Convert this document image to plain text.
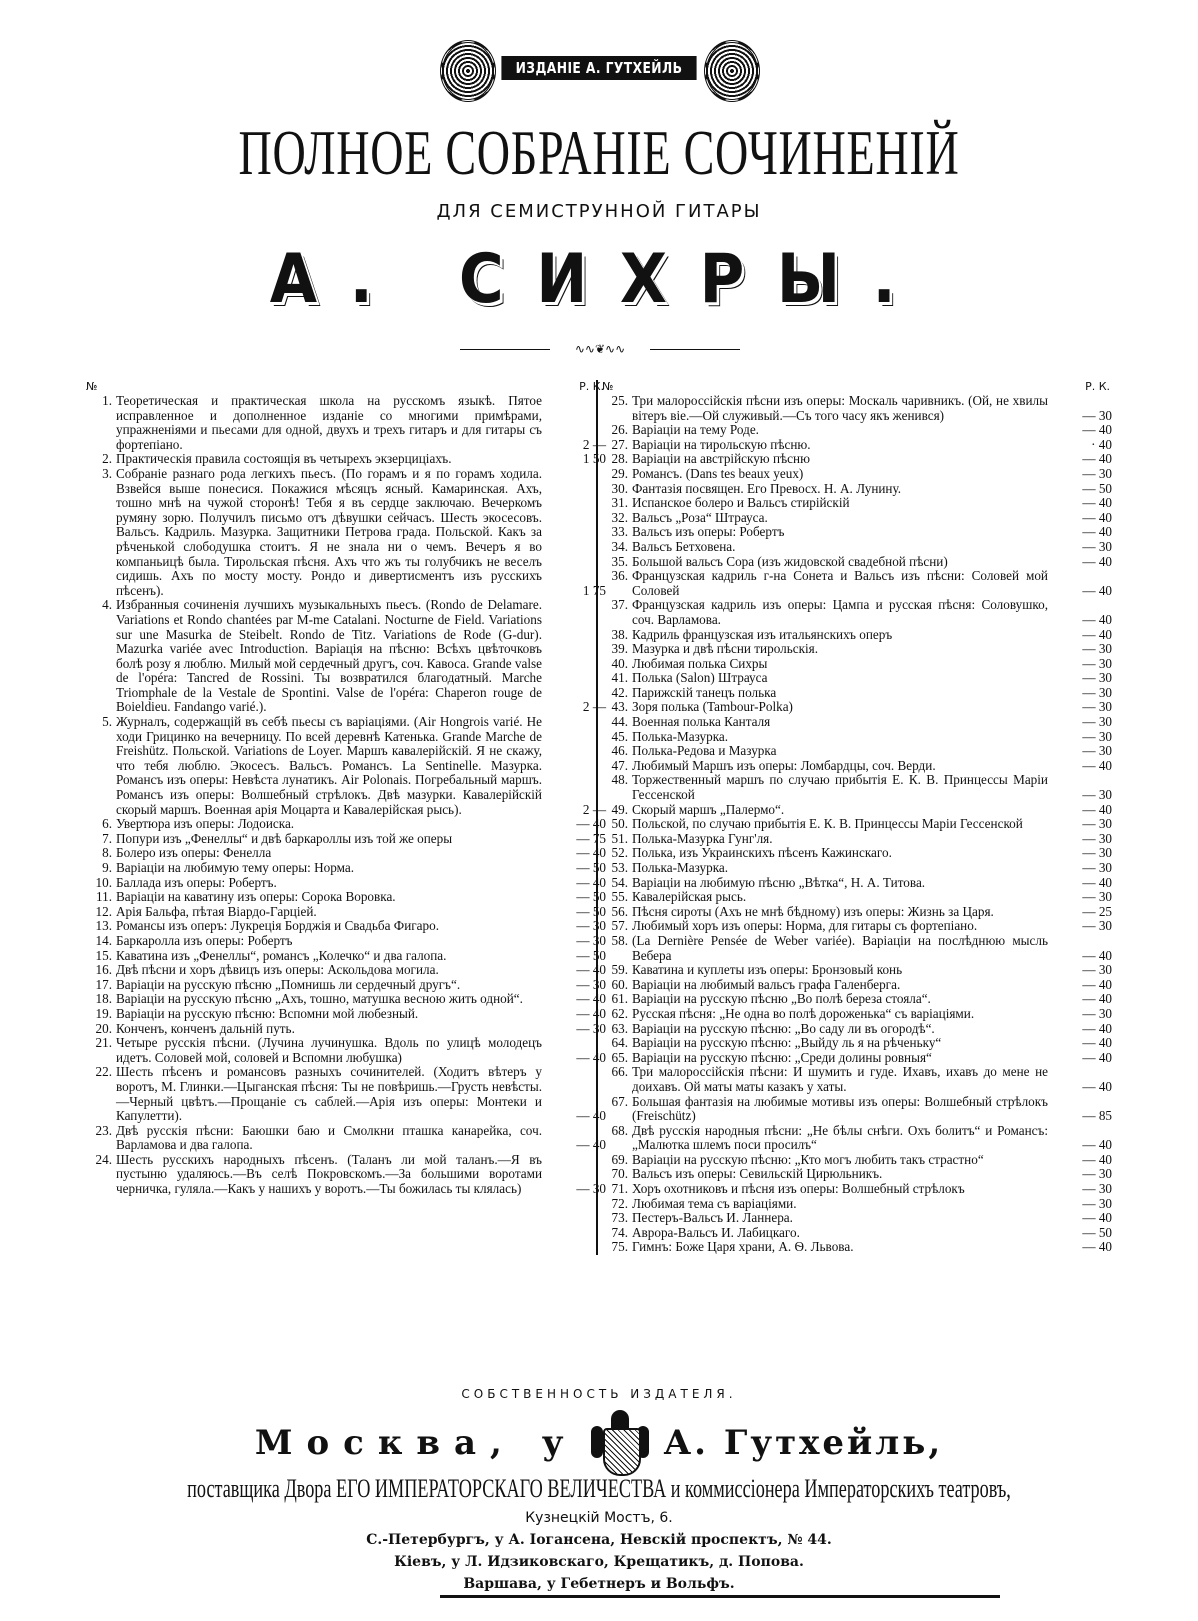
ИЗДАНІЕ А. ГУТХЕЙЛЬ
ПОЛНОЕ СОБРАНІЕ СОЧИНЕНІЙ
ДЛЯ СЕМИСТРУННОЙ ГИТАРЫ
А. СИХРЫ.
∿∿❦∿∿
№	Р. К.
1. Теоретическая и практическая школа на русскомъ языкѣ. Пятое исправленное и дополненное изданіе со многими примѣрами, упражненіями и пьесами для одной, двухъ и трехъ гитаръ и для гитары съ фортепіано.	2 —
2. Практическія правила состоящія въ четырехъ экзерциціахъ.	1 50
3. Собраніе разнаго рода легкихъ пьесъ. (По горамъ и я по горамъ ходила. Взвейся выше понесися. Покажися мѣсяцъ ясный. Камаринская. Ахъ, тошно мнѣ на чужой сторонѣ! Тебя я въ сердце заключаю. Вечеркомъ румяну зорю. Получилъ письмо отъ дѣвушки сейчасъ. Шесть экосесовъ. Вальсъ. Кадриль. Мазурка. Защитники Петрова града. Польской. Какъ за рѣченькой слободушка стоитъ. Я не знала ни о чемъ. Вечеръ я во компаньицѣ была. Тирольская пѣсня. Ахъ что жъ ты голубчикъ не веселъ сидишь. Ахъ по мосту мосту. Рондо и дивертисментъ изъ русскихъ пѣсенъ).	1 75
4. Избранныя сочиненія лучшихъ музыкальныхъ пьесъ. (Rondo de Delamare. Variations et Rondo chantées par M-me Catalani. Nocturne de Field. Variations sur une Masurka de Steibelt. Rondo de Titz. Variations de Rode (G-dur). Mazurka variée avec Introduction. Варіація на пѣсню: Всѣхъ цвѣточковъ болѣ розу я люблю. Милый мой сердечный другъ, соч. Кавоса. Grande valse de l'opéra: Tancred de Rossini. Ты возвратился благодатный. Marche Triomphale de la Vestale de Spontini. Valse de l'opéra: Chaperon rouge de Boieldieu. Fandango varié.).	2 —
5. Журналъ, содержащій въ себѣ пьесы съ варіаціями. (Air Hongrois varié. Не ходи Грицинко на вечерницу. По всей деревнѣ Катенька. Grande Marche de Freishütz. Польской. Variations de Loyer. Маршъ кавалерійскій. Я не скажу, что тебя люблю. Экосесъ. Вальсъ. Романсъ. La Sentinelle. Мазурка. Романсъ изъ оперы: Невѣста лунатикъ. Air Polonais. Погребальный маршъ. Романсъ изъ оперы: Волшебный стрѣлокъ. Двѣ мазурки. Кавалерійскій скорый маршъ. Военная арія Моцарта и Кавалерійская рысь).	2 —
6. Увертюра изъ оперы: Лодоиска.	— 40
7. Попури изъ „Фенеллы“ и двѣ баркароллы изъ той же оперы	— 75
8. Болеро изъ оперы: Фенелла	— 40
9. Варіаціи на любимую тему оперы: Норма.	— 50
10. Баллада изъ оперы: Робертъ.	— 40
11. Варіаціи на каватину изъ оперы: Сорока Воровка.	— 50
12. Арія Бальфа, пѣтая Віардо-Гарціей.	— 50
13. Романсы изъ оперъ: Лукреція Борджія и Свадьба Фигаро.	— 30
14. Баркаролла изъ оперы: Робертъ	— 30
15. Каватина изъ „Фенеллы“, романсъ „Колечко“ и два галопа.	— 50
16. Двѣ пѣсни и хоръ дѣвицъ изъ оперы: Аскольдова могила.	— 40
17. Варіаціи на русскую пѣсню „Помнишь ли сердечный другъ“.	— 30
18. Варіаціи на русскую пѣсню „Ахъ, тошно, матушка весною жить одной“.	— 40
19. Варіаціи на русскую пѣсню: Вспомни мой любезный.	— 40
20. Конченъ, конченъ дальній путь.	— 30
21. Четыре русскія пѣсни. (Лучина лучинушка. Вдоль по улицѣ молодецъ идетъ. Соловей мой, соловей и Вспомни любушка)	— 40
22. Шесть пѣсенъ и романсовъ разныхъ сочинителей. (Ходитъ вѣтеръ у воротъ, М. Глинки.—Цыганская пѣсня: Ты не повѣришь.—Грусть невѣсты.—Черный цвѣтъ.—Прощаніе съ саблей.—Арія изъ оперы: Монтеки и Капулетти).	— 40
23. Двѣ русскія пѣсни: Баюшки баю и Смолкни пташка канарейка, соч. Варламова и два галопа.	— 40
24. Шесть русскихъ народныхъ пѣсенъ. (Таланъ ли мой таланъ.—Я въ пустыню удаляюсь.—Въ селѣ Покровскомъ.—За большими воротами черничка, гуляла.—Какъ у нашихъ у воротъ.—Ты божилась ты клялась)	— 30
№	Р. К.
25. Три малороссійскія пѣсни изъ оперы: Москаль чаривникъ. (Ой, не хвилы вітеръ віе.—Ой служивый.—Съ того часу якъ женився)	— 30
26. Варіаціи на тему Роде.	— 40
27. Варіаціи на тирольскую пѣсню.	· 40
28. Варіаціи на австрійскую пѣсню	— 40
29. Романсъ. (Dans tes beaux yeux)	— 30
30. Фантазія посвящен. Его Превосх. Н. А. Лунину.	— 50
31. Испанское болеро и Вальсъ стирійскій	— 40
32. Вальсъ „Роза“ Штрауса.	— 40
33. Вальсъ изъ оперы: Робертъ	— 40
34. Вальсъ Бетховена.	— 30
35. Большой вальсъ Сора (изъ жидовской свадебной пѣсни)	— 40
36. Французская кадриль г-на Сонета и Вальсъ изъ пѣсни: Соловей мой Соловей	— 40
37. Французская кадриль изъ оперы: Цампа и русская пѣсня: Соловушко, соч. Варламова.	— 40
38. Кадриль французская изъ итальянскихъ оперъ	— 40
39. Мазурка и двѣ пѣсни тирольскія.	— 30
40. Любимая полька Сихры	— 30
41. Полька (Salon) Штрауса	— 30
42. Парижскій танецъ полька	— 30
43. Зоря полька (Tambour-Polka)	— 30
44. Военная полька Канталя	— 30
45. Полька-Мазурка.	— 30
46. Полька-Редова и Мазурка	— 30
47. Любимый Маршъ изъ оперы: Ломбардцы, соч. Верди.	— 40
48. Торжественный маршъ по случаю прибытія Е. К. В. Принцессы Маріи Гессенской	— 30
49. Скорый маршъ „Палермо“.	— 40
50. Польской, по случаю прибытія Е. К. В. Принцессы Маріи Гессенской	— 30
51. Полька-Мазурка Гунг'ля.	— 30
52. Полька, изъ Украинскихъ пѣсенъ Кажинскаго.	— 30
53. Полька-Мазурка.	— 30
54. Варіаціи на любимую пѣсню „Вѣтка“, Н. А. Титова.	— 40
55. Кавалерійская рысь.	— 30
56. Пѣсня сироты (Ахъ не мнѣ бѣдному) изъ оперы: Жизнь за Царя.	— 25
57. Любимый хоръ изъ оперы: Норма, для гитары съ фортепіано.	— 30
58. (La Dernière Pensée de Weber variée). Варіаціи на послѣднюю мысль Вебера	— 40
59. Каватина и куплеты изъ оперы: Бронзовый конь	— 30
60. Варіаціи на любимый вальсъ графа Галенберга.	— 40
61. Варіаціи на русскую пѣсню „Во полѣ береза стояла“.	— 40
62. Русская пѣсня: „Не одна во полѣ дороженька“ съ варіаціями.	— 30
63. Варіаціи на русскую пѣсню: „Во саду ли въ огородѣ“.	— 40
64. Варіаціи на русскую пѣсню: „Выйду ль я на рѣченьку“	— 40
65. Варіаціи на русскую пѣсню: „Среди долины ровныя“	— 40
66. Три малороссійскія пѣсни: И шумить и гуде. Ихавъ, ихавъ до мене не доихавъ. Ой маты маты казакъ у хаты.	— 40
67. Большая фантазія на любимые мотивы изъ оперы: Волшебный стрѣлокъ (Freischütz)	— 85
68. Двѣ русскія народныя пѣсни: „Не бѣлы снѣги. Охъ болитъ“ и Романсъ: „Малютка шлемъ поси просилъ“	— 40
69. Варіаціи на русскую пѣсню: „Кто могъ любить такъ страстно“	— 40
70. Вальсъ изъ оперы: Севильскій Цирюльникъ.	— 30
71. Хоръ охотниковъ и пѣсня изъ оперы: Волшебный стрѣлокъ	— 30
72. Любимая тема съ варіаціями.	— 30
73. Пестеръ-Вальсъ И. Ланнера.	— 40
74. Аврора-Вальсъ И. Лабицкаго.	— 50
75. Гимнъ: Боже Царя храни, А. Ѳ. Львова.	— 40
СОБСТВЕННОСТЬ ИЗДАТЕЛЯ.
Москва, у	А. Гутхейль,
поставщика Двора ЕГО ИМПЕРАТОРСКАГО ВЕЛИЧЕСТВА и коммиссіонера Императорскихъ театровъ,
Кузнецкій Мостъ, 6.
С.-Петербургъ, у А. Іогансена, Невскій проспектъ, № 44.
Кіевъ, у Л. Идзиковскаго, Крещатикъ, д. Попова.
Варшава, у Гебетнеръ и Вольфъ.
